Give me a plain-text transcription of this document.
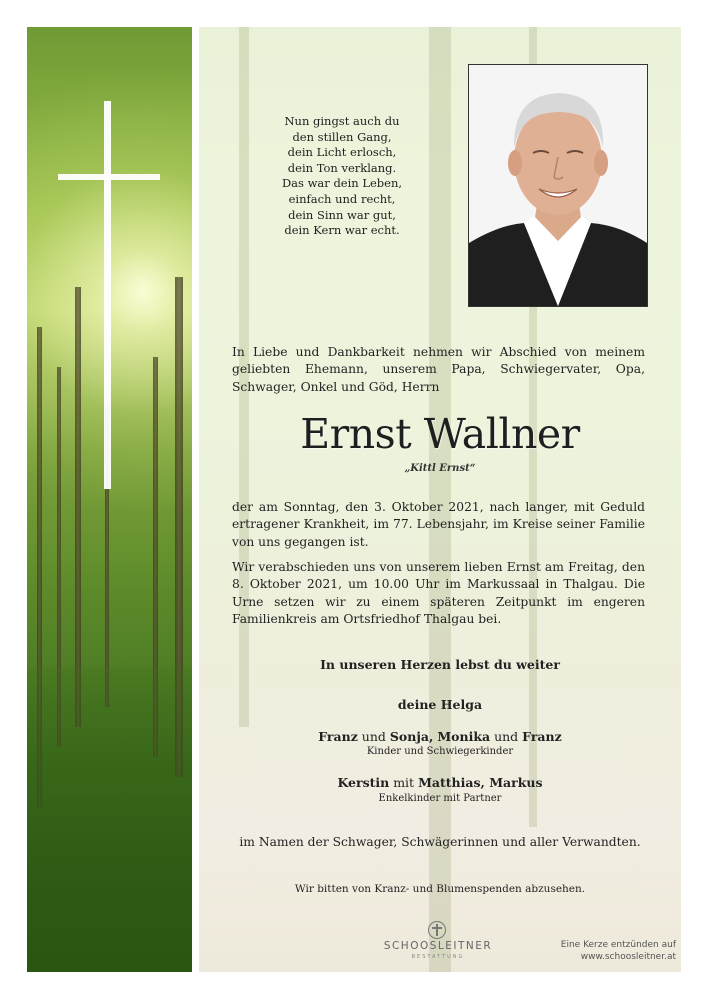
Nun gingst auch du
den stillen Gang,
dein Licht erlosch,
dein Ton verklang.
Das war dein Leben,
einfach und recht,
dein Sinn war gut,
dein Kern war echt.
In Liebe und Dankbarkeit nehmen wir Abschied von meinem geliebten Ehemann, unserem Papa, Schwiegervater, Opa, Schwager, Onkel und Göd, Herrn
Ernst Wallner
„Kittl Ernst“
der am Sonntag, den 3. Oktober 2021, nach langer, mit Geduld ertragener Krankheit, im 77. Lebensjahr, im Kreise seiner Familie von uns gegangen ist.
Wir verabschieden uns von unserem lieben Ernst am Freitag, den 8. Oktober 2021, um 10.00 Uhr im Markussaal in Thalgau. Die Urne setzen wir zu einem späteren Zeitpunkt im engeren Familienkreis am Ortsfriedhof Thalgau bei.
In unseren Herzen lebst du weiter
deine Helga
Franz und Sonja, Monika und Franz
Kinder und Schwiegerkinder
Kerstin mit Matthias, Markus
Enkelkinder mit Partner
im Namen der Schwager, Schwägerinnen und aller Verwandten.
Wir bitten von Kranz- und Blumenspenden abzusehen.
SCHOOSLEITNER
BESTATTUNG
Eine Kerze entzünden auf
www.schoosleitner.at
